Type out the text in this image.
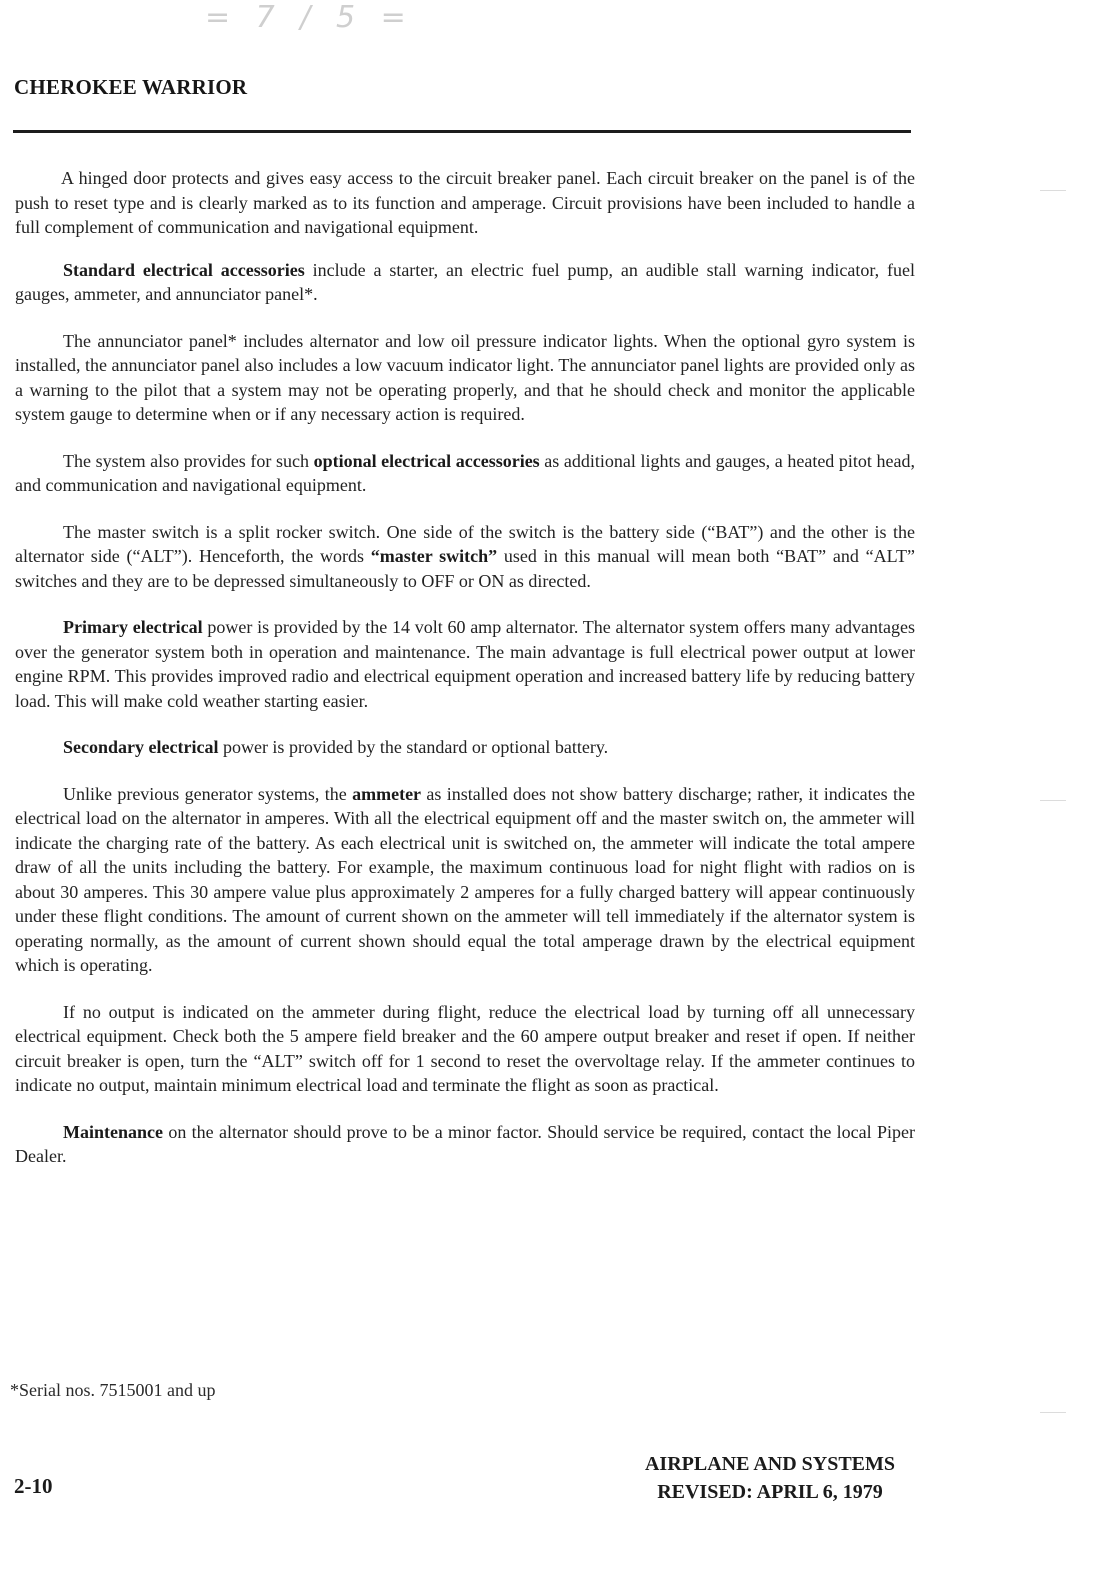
= 7 / 5 =
CHEROKEE WARRIOR

A hinged door protects and gives easy access to the circuit breaker panel. Each circuit breaker on the panel is of the push to reset type and is clearly marked as to its function and amperage. Circuit provisions have been included to handle a full complement of communication and navigational equipment.

Standard electrical accessories include a starter, an electric fuel pump, an audible stall warning indicator, fuel gauges, ammeter, and annunciator panel*.

The annunciator panel* includes alternator and low oil pressure indicator lights. When the optional gyro system is installed, the annunciator panel also includes a low vacuum indicator light. The annunciator panel lights are provided only as a warning to the pilot that a system may not be operating properly, and that he should check and monitor the applicable system gauge to determine when or if any necessary action is required.

The system also provides for such optional electrical accessories as additional lights and gauges, a heated pitot head, and communication and navigational equipment.

The master switch is a split rocker switch. One side of the switch is the battery side (“BAT”) and the other is the alternator side (“ALT”). Henceforth, the words “master switch” used in this manual will mean both “BAT” and “ALT” switches and they are to be depressed simultaneously to OFF or ON as directed.

Primary electrical power is provided by the 14 volt 60 amp alternator. The alternator system offers many advantages over the generator system both in operation and maintenance. The main advantage is full electrical power output at lower engine RPM. This provides improved radio and electrical equipment operation and increased battery life by reducing battery load. This will make cold weather starting easier.

Secondary electrical power is provided by the standard or optional battery.

Unlike previous generator systems, the ammeter as installed does not show battery discharge; rather, it indicates the electrical load on the alternator in amperes. With all the electrical equipment off and the master switch on, the ammeter will indicate the charging rate of the battery. As each electrical unit is switched on, the ammeter will indicate the total ampere draw of all the units including the battery. For example, the maximum continuous load for night flight with radios on is about 30 amperes. This 30 ampere value plus approximately 2 amperes for a fully charged battery will appear continuously under these flight conditions. The amount of current shown on the ammeter will tell immediately if the alternator system is operating normally, as the amount of current shown should equal the total amperage drawn by the electrical equipment which is operating.

If no output is indicated on the ammeter during flight, reduce the electrical load by turning off all unnecessary electrical equipment. Check both the 5 ampere field breaker and the 60 ampere output breaker and reset if open. If neither circuit breaker is open, turn the “ALT” switch off for 1 second to reset the overvoltage relay. If the ammeter continues to indicate no output, maintain minimum electrical load and terminate the flight as soon as practical.

Maintenance on the alternator should prove to be a minor factor. Should service be required, contact the local Piper Dealer.

*Serial nos. 7515001 and up
2-10
AIRPLANE AND SYSTEMS
REVISED: APRIL 6, 1979
